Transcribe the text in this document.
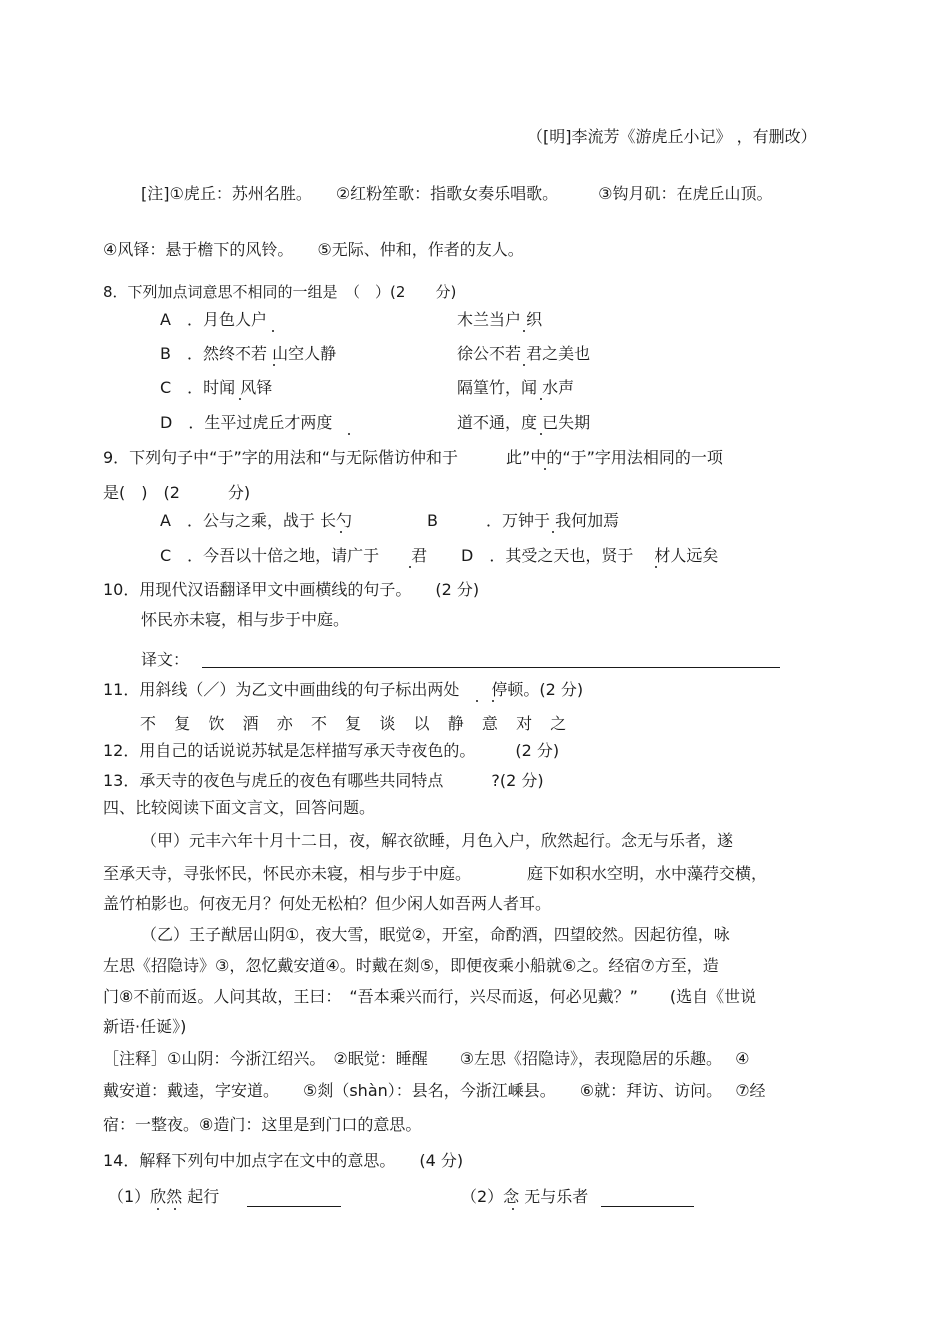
（[明]李流芳《游虎丘小记》 ，有删改）
[注]①虎丘：苏州名胜。　　②红粉笙歌：指歌女奏乐唱歌。　　　③钩月矶：在虎丘山顶。
④风铎：悬于檐下的风铃。　　⑤无际、仲和，作者的友人。
8．下列加点词意思不相同的一组是　（　）(2　　分)
A　．月色人户	木兰当户 织
B　．然终不若 山空人静	徐公不若 君之美也
C　．时闻 风铎	隔篁竹，闻 水声
D　．生平过虎丘才两度	道不通，度 已失期
9．下列句子中“于”字的用法和“与无际偕访仲和于　　　此”中的“于”字用法相同的一项
是(　)　(2　　　分)
A　．公与之乘，战于 长勺	B　　　．万钟于 我何加焉
C　．今吾以十倍之地，请广于　　君 D　．其受之天也，贤于　 材人远矣
10．用现代汉语翻译甲文中画横线的句子。　　(2 分)
怀民亦未寝，相与步于中庭。
译文：
11．用斜线（／）为乙文中画曲线的句子标出两处　　停顿。(2 分)
不 复 饮 酒 亦 不 复 谈 以 静 意 对 之
12．用自己的话说说苏轼是怎样描写承天寺夜色的。　　　(2 分)
13．承天寺的夜色与虎丘的夜色有哪些共同特点　　　?(2 分)
四、比较阅读下面文言文，回答问题。
（甲）元丰六年十月十二日，夜，解衣欲睡，月色入户，欣然起行。念无与乐者，遂
至承天寺，寻张怀民，怀民亦未寝，相与步于中庭。　　　　庭下如积水空明，水中藻荇交横，
盖竹柏影也。何夜无月？何处无松柏？但少闲人如吾两人者耳。
（乙）王子猷居山阴①，夜大雪，眠觉②，开室，命酌酒，四望皎然。因起彷徨，咏
左思《招隐诗》③，忽忆戴安道④。时戴在剡⑤，即便夜乘小船就⑥之。经宿⑦方至，造
门⑧不前而返。人问其故，王曰：　“吾本乘兴而行，兴尽而返，何必见戴？”　　(选自《世说
新语·任诞》)
［注释］①山阴：今浙江绍兴。　②眠觉：睡醒　　③左思《招隐诗》，表现隐居的乐趣。　 ④
戴安道：戴逵，字安道。　　⑤剡（shàn）：县名，今浙江嵊县。　　⑥就：拜访、访问。　 ⑦经
宿：一整夜。⑧造门：这里是到门口的意思。
14．解释下列句中加点字在文中的意思。　　(4 分)
（1）欣然 起行	（2）念 无与乐者
